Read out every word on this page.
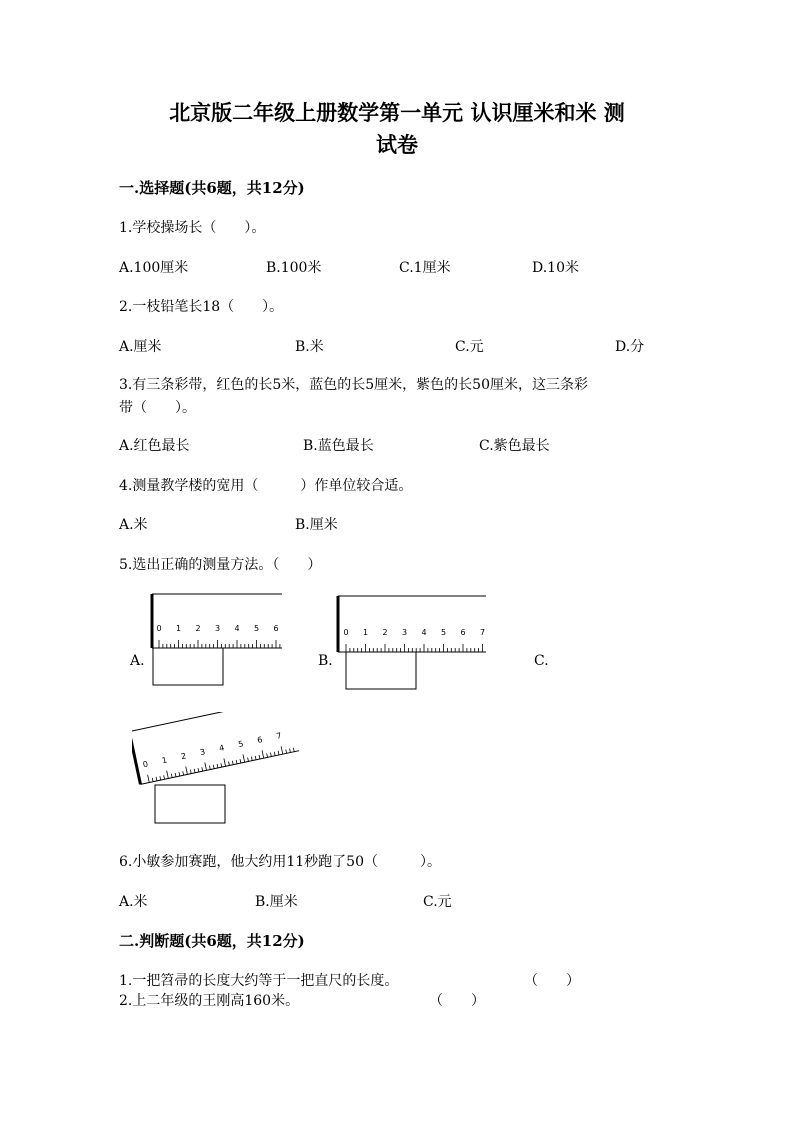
北京版二年级上册数学第一单元 认识厘米和米 测
试卷
一.选择题(共6题，共12分)
1.学校操场长（　　）。
A.100厘米	B.100米	C.1厘米	D.10米
2.一枝铅笔长18（　　）。
A.厘米	B.米	C.元	D.分
3.有三条彩带，红色的长5米，蓝色的长5厘米，紫色的长50厘米，这三条彩
带（　　）。
A.红色最长	B.蓝色最长	C.紫色最长
4.测量教学楼的宽用（　　　）作单位较合适。
A.米	B.厘米
5.选出正确的测量方法。（　　）
A.	B.	C.
0 1 2 3 4 5 6	0 1 2 3 4 5 6 7
0 1 2 3 4 5 6 7
6.小敏参加赛跑，他大约用11秒跑了50（　　　）。
A.米	B.厘米	C.元
二.判断题(共6题，共12分)
1.一把笤帚的长度大约等于一把直尺的长度。	（　　）
2.上二年级的王刚高160米。	（　　）
